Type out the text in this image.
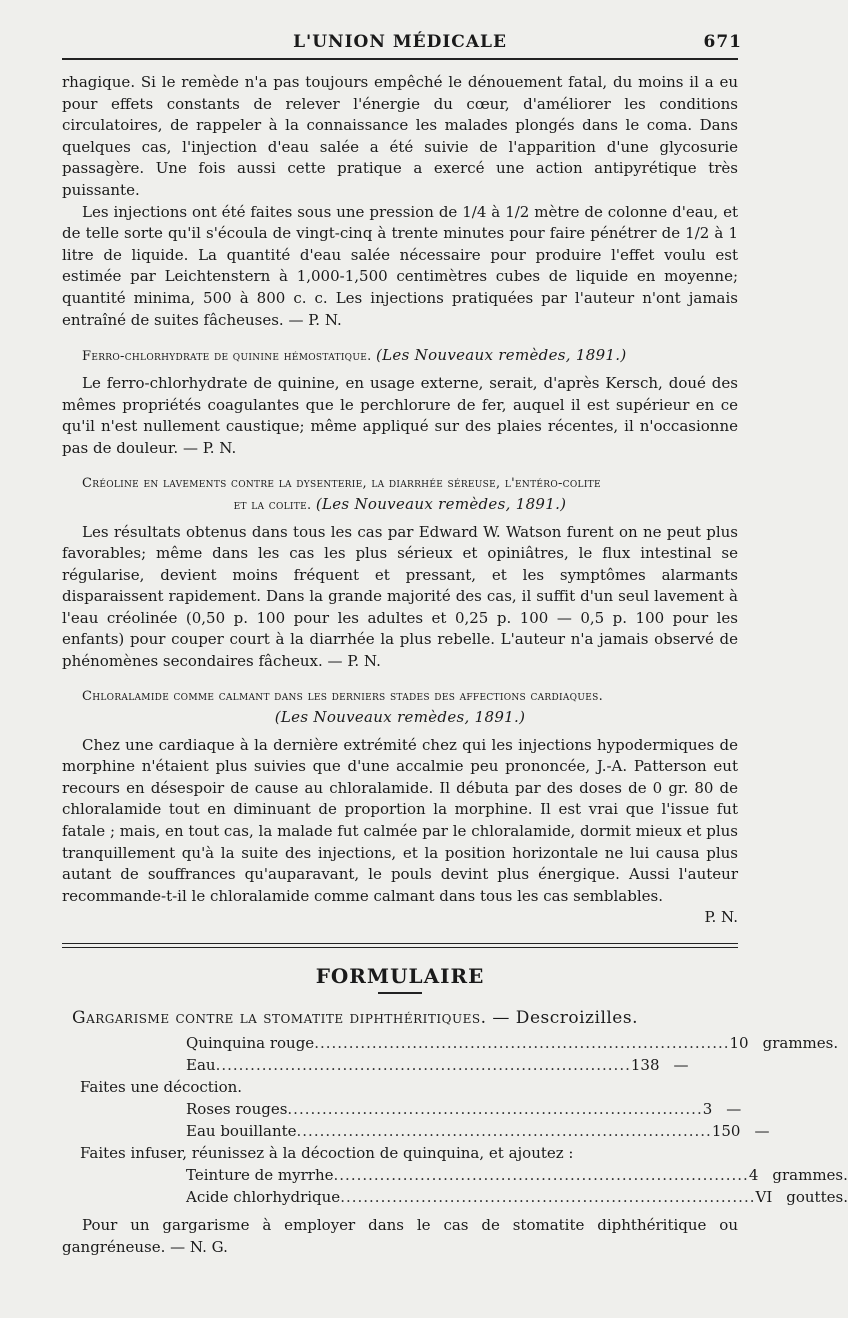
L'UNION MÉDICALE	671

rhagique. Si le remède n'a pas toujours empêché le dénouement fatal, du moins il a eu pour effets constants de relever l'énergie du cœur, d'améliorer les conditions circulatoires, de rappeler à la connaissance les malades plongés dans le coma. Dans quelques cas, l'injection d'eau salée a été suivie de l'apparition d'une glycosurie passagère. Une fois aussi cette pratique a exercé une action antipyrétique très puissante.

Les injections ont été faites sous une pression de 1/4 à 1/2 mètre de colonne d'eau, et de telle sorte qu'il s'écoula de vingt-cinq à trente minutes pour faire pénétrer de 1/2 à 1 litre de liquide. La quantité d'eau salée nécessaire pour produire l'effet voulu est estimée par Leichtenstern à 1,000-1,500 centimètres cubes de liquide en moyenne; quantité minima, 500 à 800 c. c. Les injections pratiquées par l'auteur n'ont jamais entraîné de suites fâcheuses. — P. N.

Ferro-chlorhydrate de quinine hémostatique. (Les Nouveaux remèdes, 1891.)

Le ferro-chlorhydrate de quinine, en usage externe, serait, d'après Kersch, doué des mêmes propriétés coagulantes que le perchlorure de fer, auquel il est supérieur en ce qu'il n'est nullement caustique; même appliqué sur des plaies récentes, il n'occasionne pas de douleur. — P. N.

Créoline en lavements contre la dysenterie, la diarrhée séreuse, l'entéro-colite

et la colite. (Les Nouveaux remèdes, 1891.)

Les résultats obtenus dans tous les cas par Edward W. Watson furent on ne peut plus favorables; même dans les cas les plus sérieux et opiniâtres, le flux intestinal se régularise, devient moins fréquent et pressant, et les symptômes alarmants disparaissent rapidement. Dans la grande majorité des cas, il suffit d'un seul lavement à l'eau créolinée (0,50 p. 100 pour les adultes et 0,25 p. 100 — 0,5 p. 100 pour les enfants) pour couper court à la diarrhée la plus rebelle. L'auteur n'a jamais observé de phénomènes secondaires fâcheux. — P. N.

Chloralamide comme calmant dans les derniers stades des affections cardiaques.

(Les Nouveaux remèdes, 1891.)

Chez une cardiaque à la dernière extrémité chez qui les injections hypodermiques de morphine n'étaient plus suivies que d'une accalmie peu prononcée, J.-A. Patterson eut recours en désespoir de cause au chloralamide. Il débuta par des doses de 0 gr. 80 de chloralamide tout en diminuant de proportion la morphine. Il est vrai que l'issue fut fatale ; mais, en tout cas, la malade fut calmée par le chloralamide, dormit mieux et plus tranquillement qu'à la suite des injections, et la position horizontale ne lui causa plus autant de souffrances qu'auparavant, le pouls devint plus énergique. Aussi l'auteur recommande-t-il le chloralamide comme calmant dans tous les cas semblables.

P. N.

FORMULAIRE

Gargarisme contre la stomatite diphthéritiques. — Descroizilles.

Quinquina rouge ........................................................................ 10 grammes.
Eau ........................................................................ 138 —

Faites une décoction.

Roses rouges ........................................................................ 3 —
Eau bouillante ........................................................................ 150 —

Faites infuser, réunissez à la décoction de quinquina, et ajoutez :

Teinture de myrrhe ........................................................................ 4 grammes.
Acide chlorhydrique ........................................................................ VI gouttes.

Pour un gargarisme à employer dans le cas de stomatite diphthéritique ou gangréneuse. — N. G.
